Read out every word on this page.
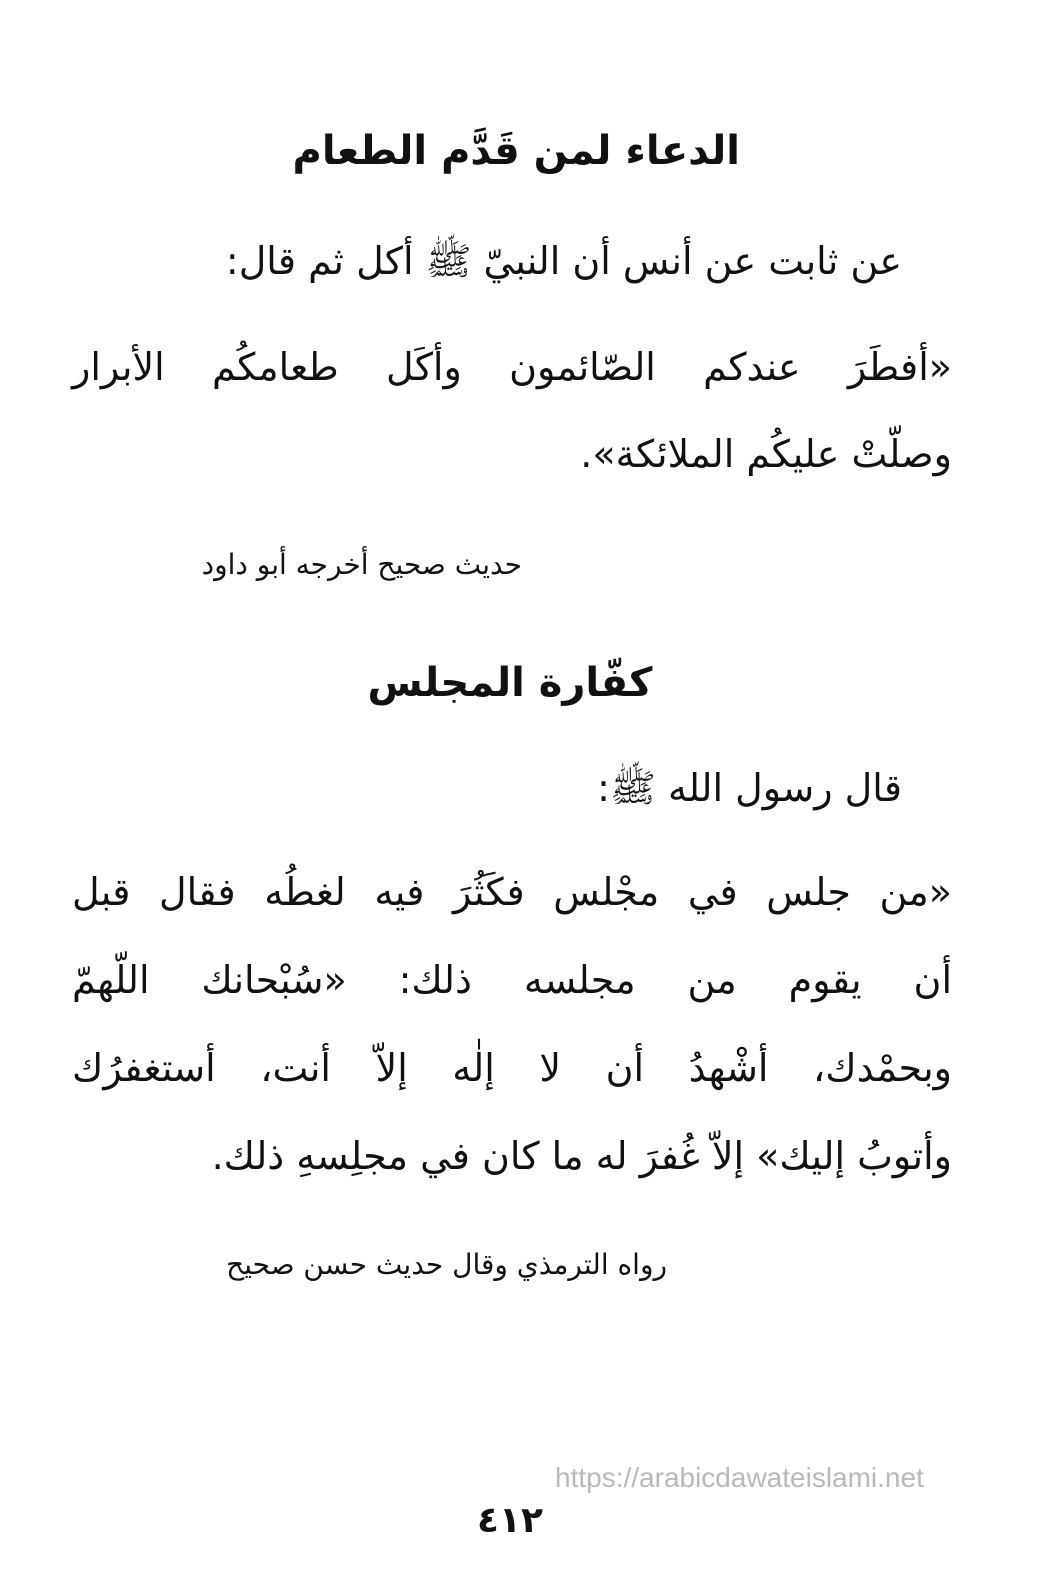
الدعاء لمن قَدَّم الطعام
عن ثابت عن أنس أن النبيّ ﷺ أكل ثم قال:
«أفطَرَ عندكم الصّائمون وأكَل طعامكُم الأبرار
وصلّتْ عليكُم الملائكة».
حديث صحيح أخرجه أبو داود
كفّارة المجلس
قال رسول الله ﷺ:
«من جلس في مجْلس فكَثُرَ فيه لغطُه فقال قبل
أن يقوم من مجلسه ذلك: «سُبْحانك اللّهمّ
وبحمْدك، أشْهدُ أن لا إلٰه إلاّ أنت، أستغفرُك
وأتوبُ إليك» إلاّ غُفرَ له ما كان في مجلِسهِ ذلك.
رواه الترمذي وقال حديث حسن صحيح
https://arabicdawateislami.net
٤١٢
